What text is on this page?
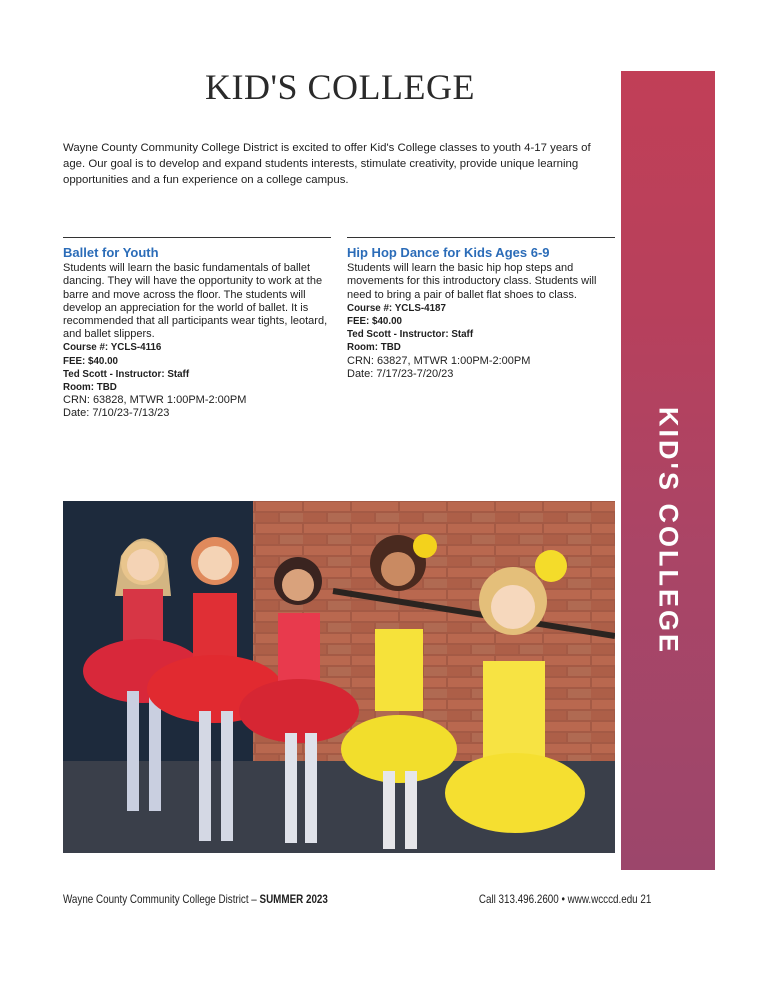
KID'S COLLEGE
KID'S COLLEGE

Wayne County Community College District is excited to offer Kid's College classes to youth 4-17 years of age. Our goal is to develop and expand students interests, stimulate creativity, provide unique learning opportunities and a fun experience on a college campus.

Ballet for Youth

Students will learn the basic fundamentals of ballet dancing. They will have the opportunity to work at the barre and move across the floor. The students will develop an appreciation for the world of ballet. It is recommended that all participants wear tights, leotard, and ballet slippers.

Course #: YCLS-4116

FEE: $40.00

Ted Scott - Instructor: Staff

Room: TBD

CRN: 63828, MTWR 1:00PM-2:00PM

Date: 7/10/23-7/13/23

Hip Hop Dance for Kids Ages 6-9

Students will learn the basic hip hop steps and movements for this introductory class. Students will need to bring a pair of ballet flat shoes to class.

Course #: YCLS-4187

FEE: $40.00

Ted Scott - Instructor: Staff

Room: TBD

CRN: 63827, MTWR 1:00PM-2:00PM

Date: 7/17/23-7/20/23

Wayne County Community College District – SUMMER 2023	Call 313.496.2600 • www.wcccd.edu 21
